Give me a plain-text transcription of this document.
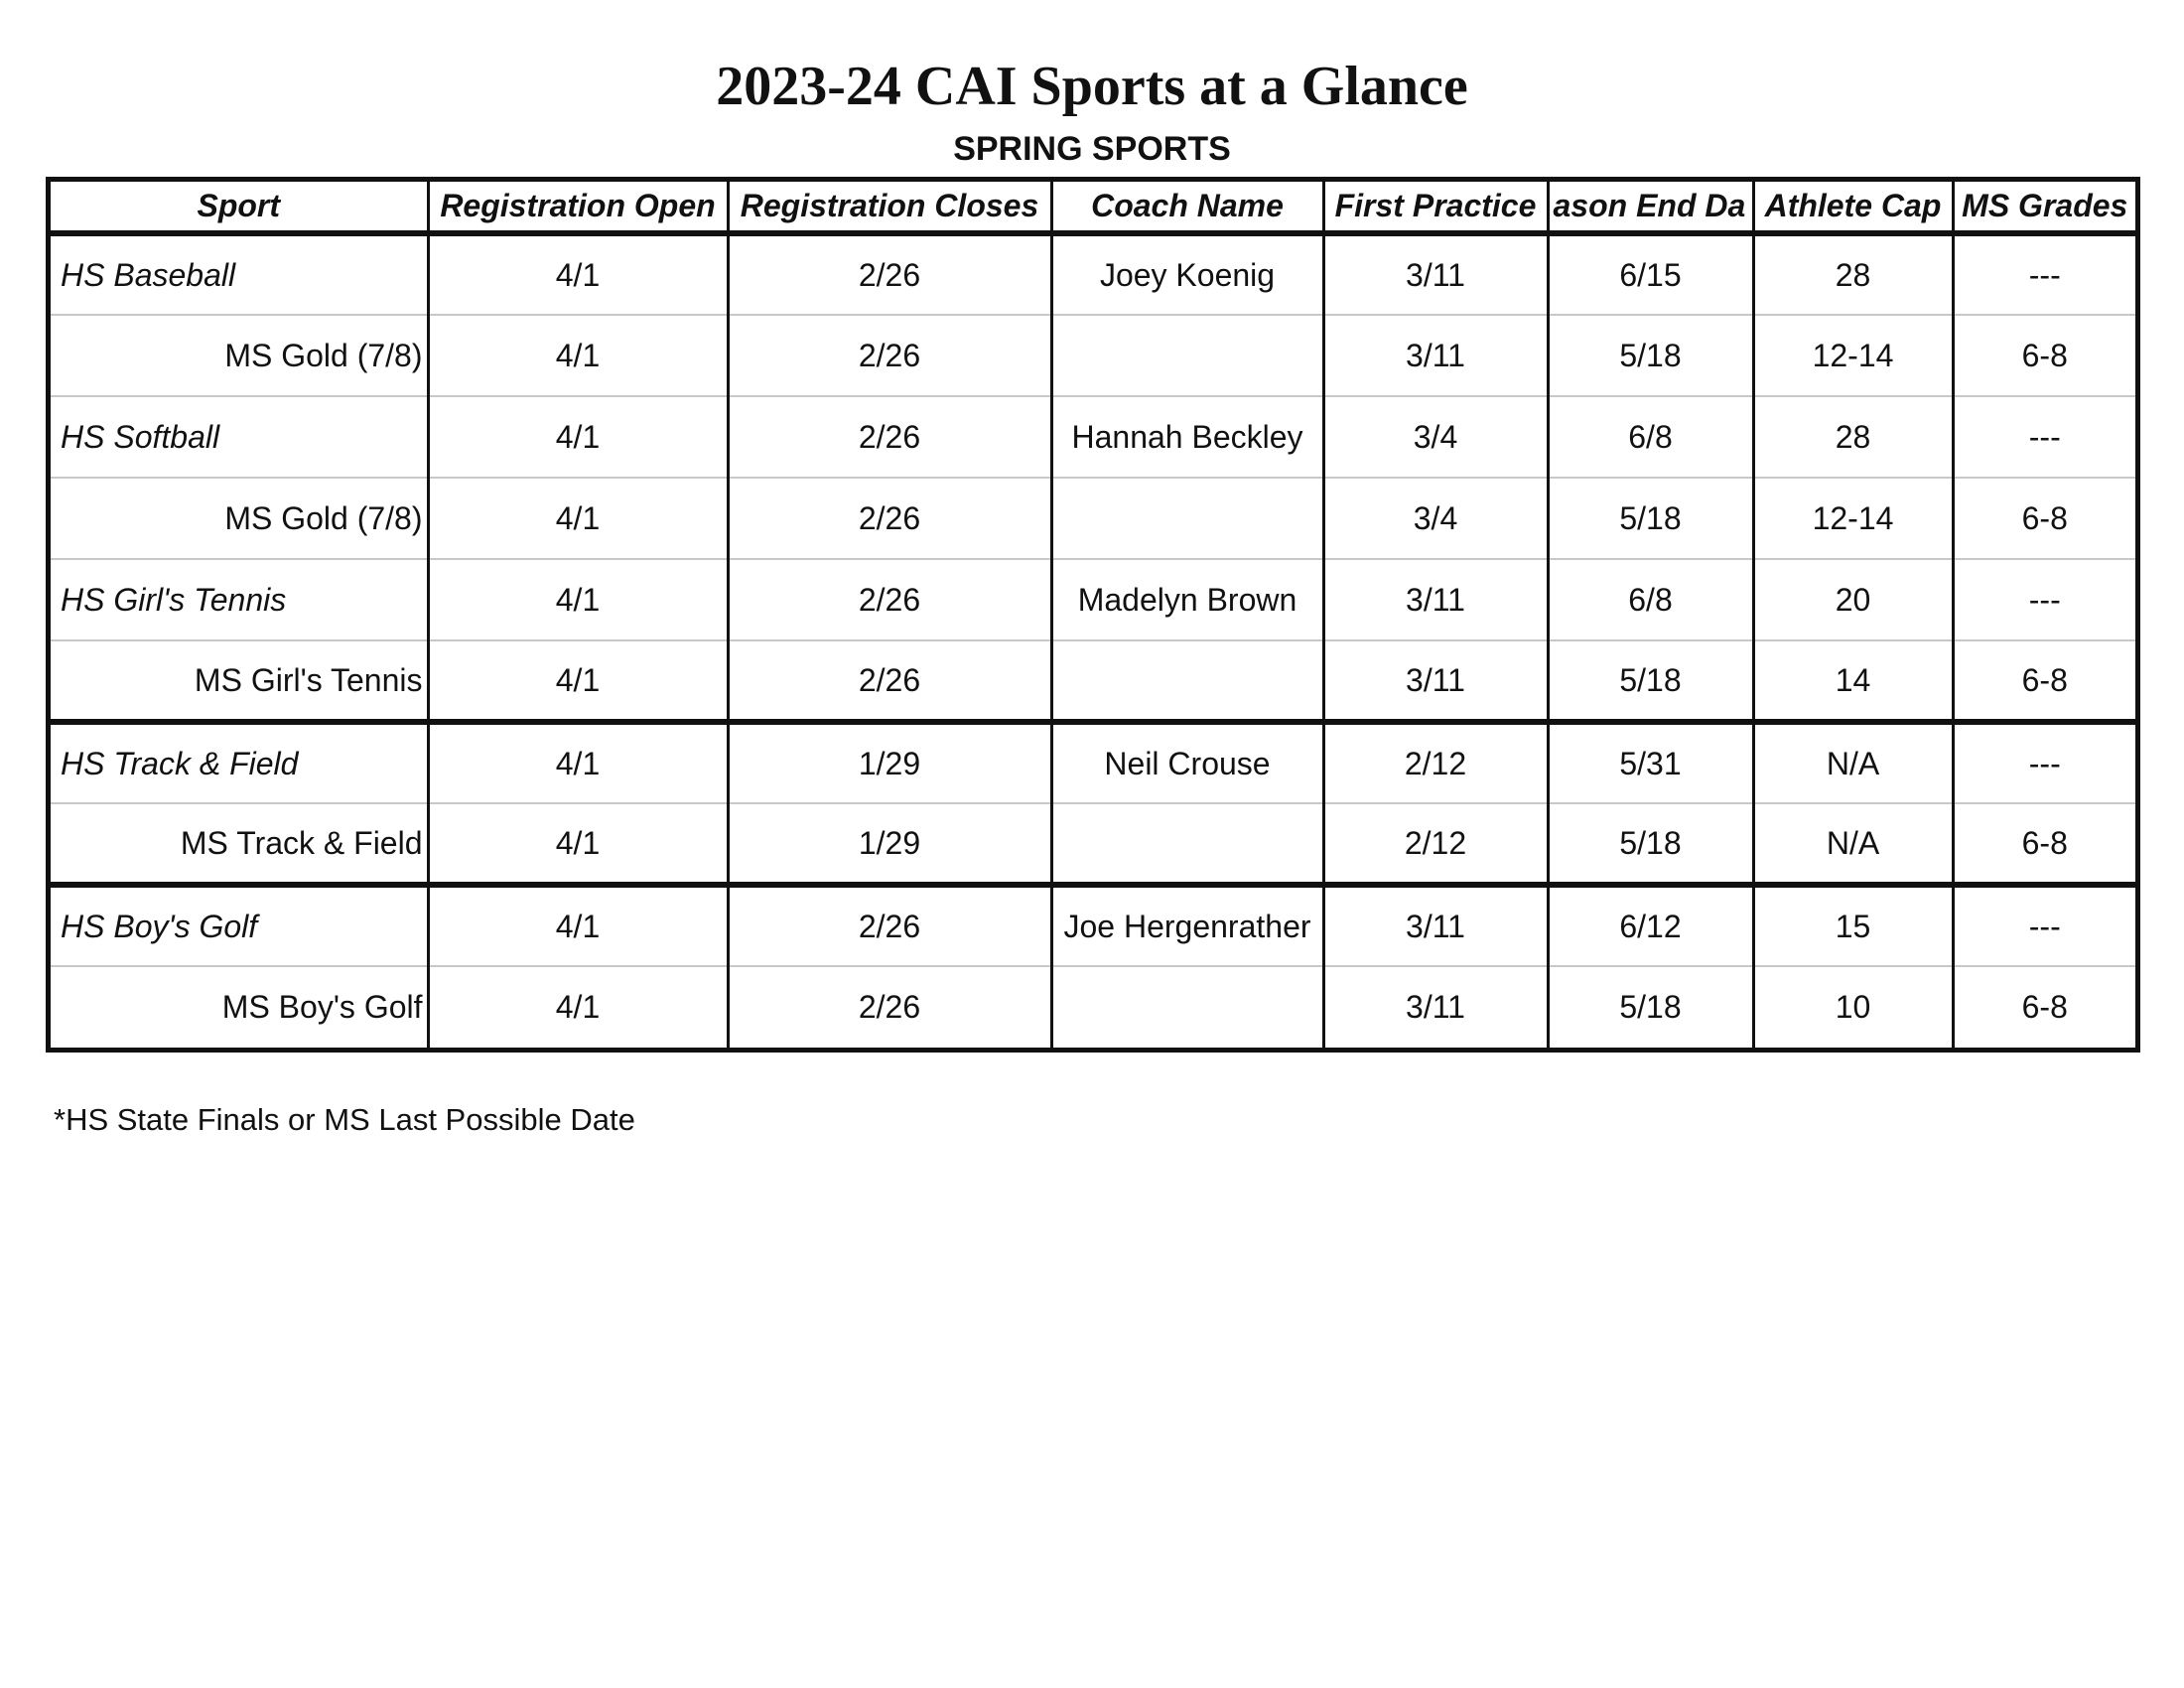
2023-24 CAI Sports at a Glance
SPRING SPORTS
Sport	Registration Open	Registration Closes	Coach Name	First Practice	ason End Da	Athlete Cap	MS Grades
HS Baseball	4/1	2/26	Joey Koenig	3/11	6/15	28	---
MS Gold (7/8)	4/1	2/26		3/11	5/18	12-14	6-8
HS Softball	4/1	2/26	Hannah Beckley	3/4	6/8	28	---
MS Gold (7/8)	4/1	2/26		3/4	5/18	12-14	6-8
HS Girl's Tennis	4/1	2/26	Madelyn Brown	3/11	6/8	20	---
MS Girl's Tennis	4/1	2/26		3/11	5/18	14	6-8
HS Track & Field	4/1	1/29	Neil Crouse	2/12	5/31	N/A	---
MS Track & Field	4/1	1/29		2/12	5/18	N/A	6-8
HS Boy's Golf	4/1	2/26	Joe Hergenrather	3/11	6/12	15	---
MS Boy's Golf	4/1	2/26		3/11	5/18	10	6-8
*HS State Finals or MS Last Possible Date
